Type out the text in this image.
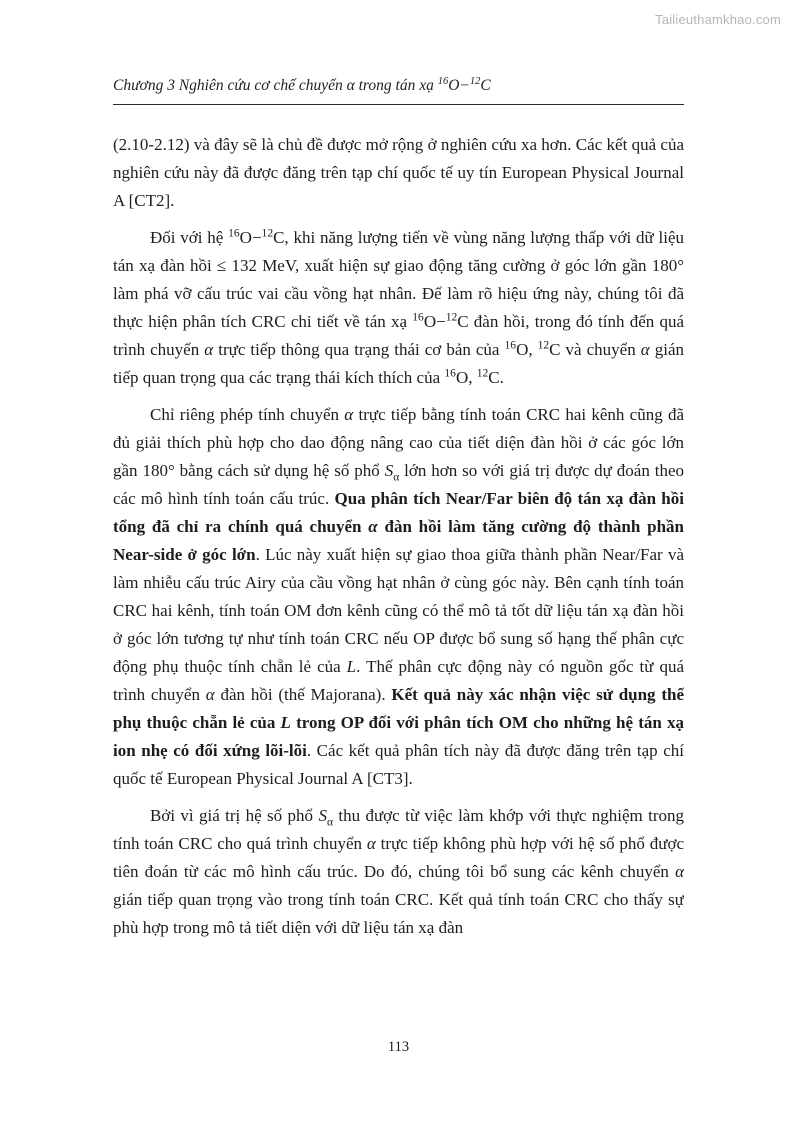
Tailieuthamkhao.com
Chương 3 Nghiên cứu cơ chế chuyển α trong tán xạ $^{16}$O−$^{12}$C

(2.10-2.12) và đây sẽ là chủ đề được mở rộng ở nghiên cứu xa hơn. Các kết quả của nghiên cứu này đã được đăng trên tạp chí quốc tế uy tín European Physical Journal A [CT2].

Đối với hệ $^{16}$O−$^{12}$C, khi năng lượng tiến về vùng năng lượng thấp với dữ liệu tán xạ đàn hồi ≤ 132 MeV, xuất hiện sự giao động tăng cường ở góc lớn gần 180° làm phá vỡ cấu trúc vai cầu vồng hạt nhân. Để làm rõ hiệu ứng này, chúng tôi đã thực hiện phân tích CRC chi tiết về tán xạ $^{16}$O−$^{12}$C đàn hồi, trong đó tính đến quá trình chuyển α trực tiếp thông qua trạng thái cơ bản của $^{16}$O, $^{12}$C và chuyển α gián tiếp quan trọng qua các trạng thái kích thích của $^{16}$O, $^{12}$C.

Chỉ riêng phép tính chuyển α trực tiếp bằng tính toán CRC hai kênh cũng đã đủ giải thích phù hợp cho dao động nâng cao của tiết diện đàn hồi ở các góc lớn gần 180° bằng cách sử dụng hệ số phổ $S_\alpha$ lớn hơn so với giá trị được dự đoán theo các mô hình tính toán cấu trúc. Qua phân tích Near/Far biên độ tán xạ đàn hồi tổng đã chỉ ra chính quá chuyển α đàn hồi làm tăng cường độ thành phần Near-side ở góc lớn. Lúc này xuất hiện sự giao thoa giữa thành phần Near/Far và làm nhiễu cấu trúc Airy của cầu vồng hạt nhân ở cùng góc này. Bên cạnh tính toán CRC hai kênh, tính toán OM đơn kênh cũng có thể mô tả tốt dữ liệu tán xạ đàn hồi ở góc lớn tương tự như tính toán CRC nếu OP được bổ sung số hạng thế phân cực động phụ thuộc tính chẵn lẻ của L. Thế phân cực động này có nguồn gốc từ quá trình chuyển α đàn hồi (thế Majorana). Kết quả này xác nhận việc sử dụng thế phụ thuộc chẵn lẻ của L trong OP đối với phân tích OM cho những hệ tán xạ ion nhẹ có đối xứng lõi-lõi. Các kết quả phân tích này đã được đăng trên tạp chí quốc tế European Physical Journal A [CT3].

Bởi vì giá trị hệ số phổ $S_\alpha$ thu được từ việc làm khớp với thực nghiệm trong tính toán CRC cho quá trình chuyển α trực tiếp không phù hợp với hệ số phổ được tiên đoán từ các mô hình cấu trúc. Do đó, chúng tôi bổ sung các kênh chuyển α gián tiếp quan trọng vào trong tính toán CRC. Kết quả tính toán CRC cho thấy sự phù hợp trong mô tả tiết diện với dữ liệu tán xạ đàn

113
